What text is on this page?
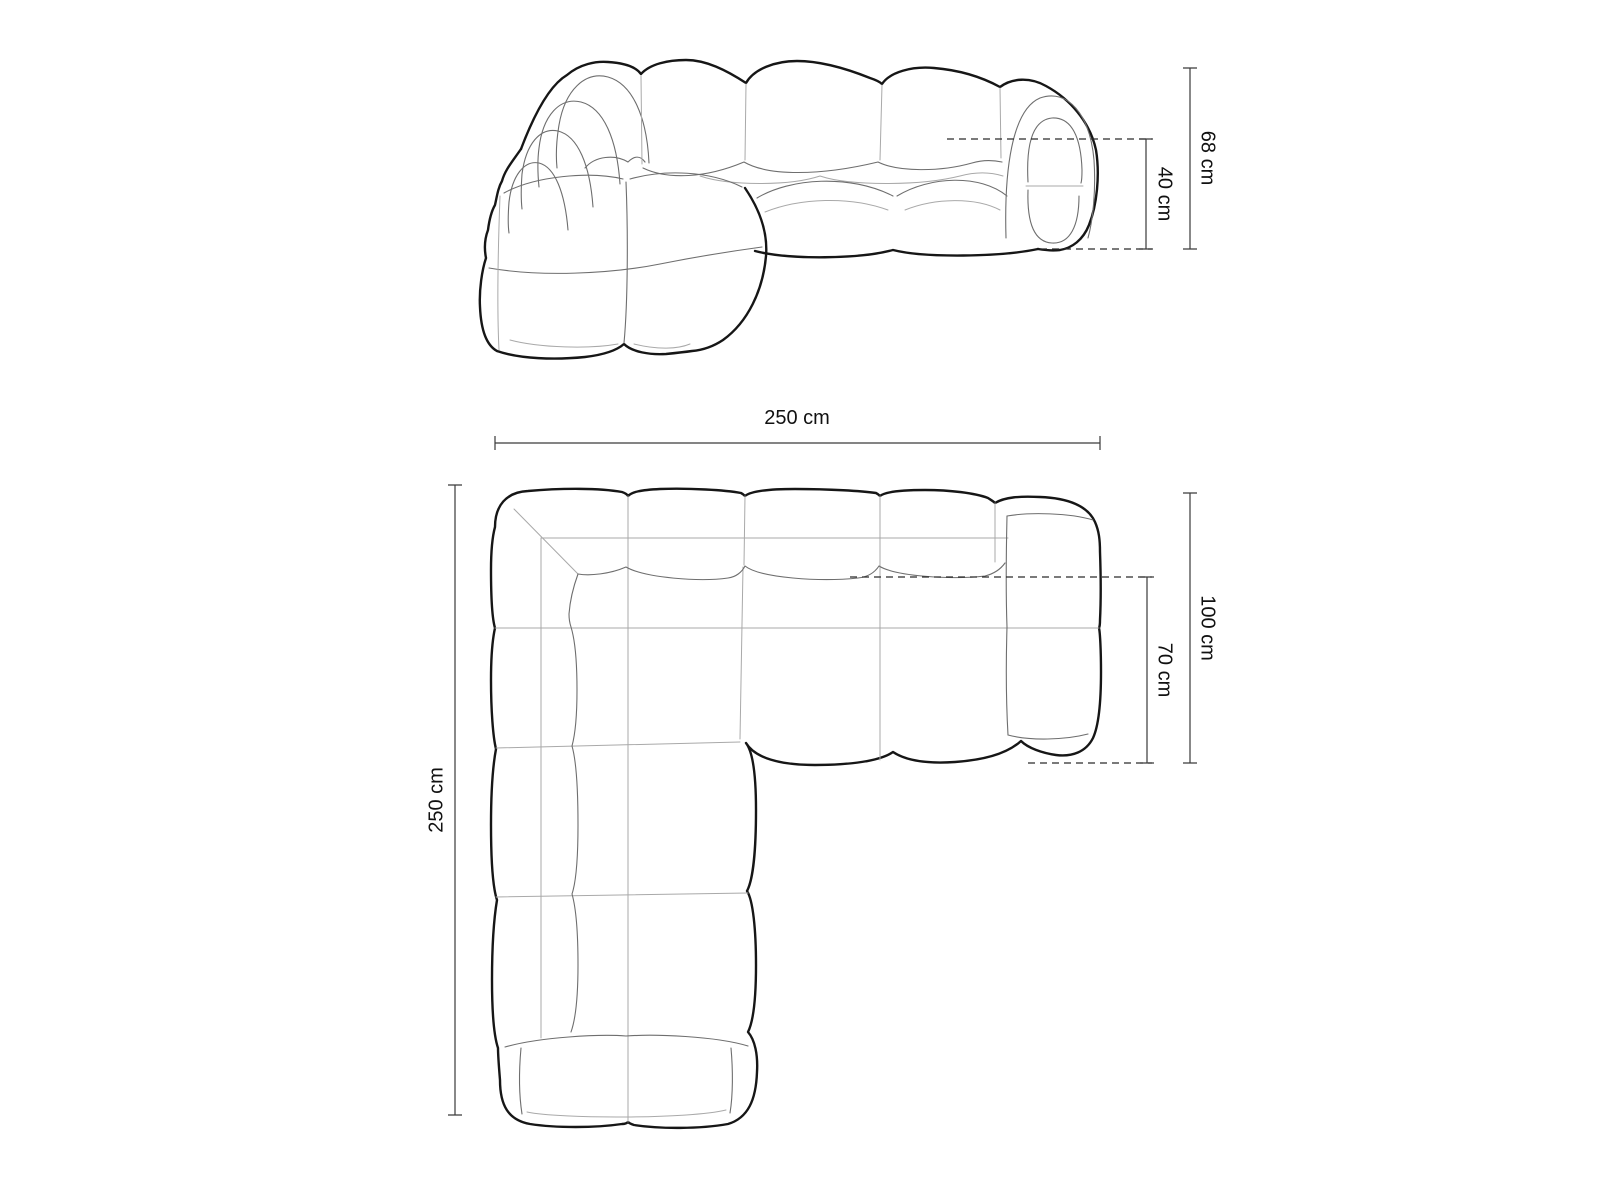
40 cm
68 cm
250 cm
250 cm
100 cm
70 cm
